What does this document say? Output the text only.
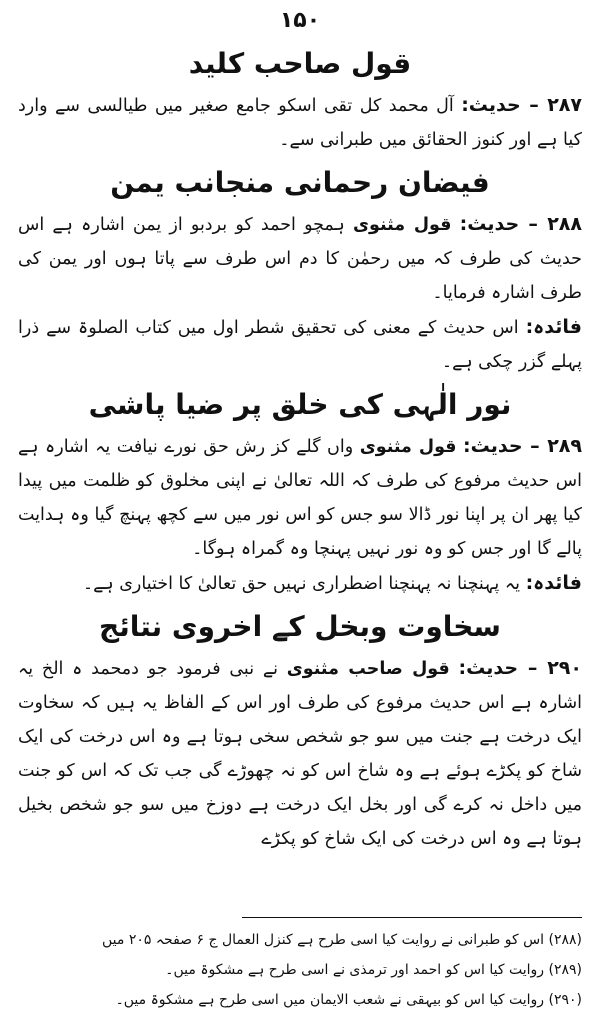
۱۵۰
قول صاحب کلید

۲۸۷ – حدیث: آل محمد کل تقی اسکو جامع صغیر میں طیالسی سے وارد کیا ہے اور کنوز الحقائق میں طبرانی سے۔

فیضان رحمانی منجانب یمن

۲۸۸ – حدیث: قول مثنوی ہمچو احمد کو بردبو از یمن اشارہ ہے اس حدیث کی طرف کہ میں رحمٰن کا دم اس طرف سے پاتا ہوں اور یمن کی طرف اشارہ فرمایا۔

فائدہ: اس حدیث کے معنی کی تحقیق شطر اول میں کتاب الصلوۃ سے ذرا پہلے گزر چکی ہے۔

نور الٰہی کی خلق پر ضیا پاشی

۲۸۹ – حدیث: قول مثنوی واں گلے کز رش حق نورے نیافت یہ اشارہ ہے اس حدیث مرفوع کی طرف کہ اللہ تعالیٰ نے اپنی مخلوق کو ظلمت میں پیدا کیا پھر ان پر اپنا نور ڈالا سو جس کو اس نور میں سے کچھ پہنچ گیا وہ ہدایت پالے گا اور جس کو وہ نور نہیں پہنچا وہ گمراہ ہوگا۔

فائدہ: یہ پہنچنا نہ پہنچنا اضطراری نہیں حق تعالیٰ کا اختیاری ہے۔

سخاوت وبخل کے اخروی نتائج

۲۹۰ – حدیث: قول صاحب مثنوی نے نبی فرمود جو دمحمد ہ الخ یہ اشارہ ہے اس حدیث مرفوع کی طرف اور اس کے الفاظ یہ ہیں کہ سخاوت ایک درخت ہے جنت میں سو جو شخص سخی ہوتا ہے وہ اس درخت کی ایک شاخ کو پکڑے ہوئے ہے وہ شاخ اس کو نہ چھوڑے گی جب تک کہ اس کو جنت میں داخل نہ کرے گی اور بخل ایک درخت ہے دوزخ میں سو جو شخص بخیل ہوتا ہے وہ اس درخت کی ایک شاخ کو پکڑے

(۲۸۸) اس کو طبرانی نے روایت کیا اسی طرح ہے کنزل العمال ج ۶ صفحہ ۲۰۵ میں
(۲۸۹) روایت کیا اس کو احمد اور ترمذی نے اسی طرح ہے مشکوۃ میں۔
(۲۹۰) روایت کیا اس کو بیہقی نے شعب الایمان میں اسی طرح ہے مشکوۃ میں۔
